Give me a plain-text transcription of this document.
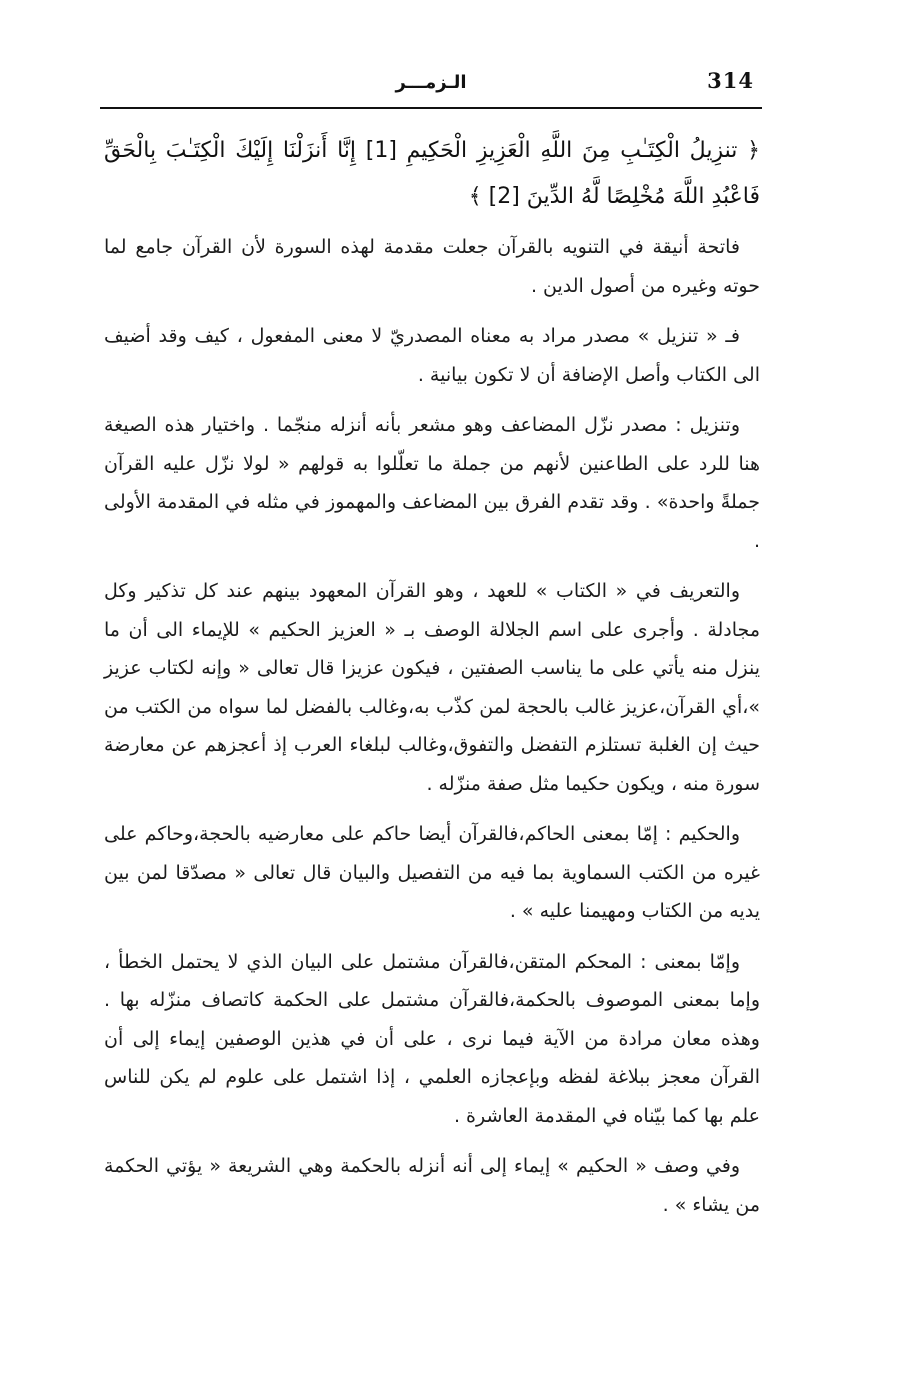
الـزمـــر	314

﴿ تنزِيلُ الْكِتَـٰبِ مِنَ اللَّهِ الْعَزِيزِ الْحَكِيمِ [1] إِنَّا أَنزَلْنَا إِلَيْكَ الْكِتَـٰبَ بِالْحَقِّ فَاعْبُدِ اللَّهَ مُخْلِصًا لَّهُ الدِّينَ [2] ﴾

فاتحة أنيقة في التنويه بالقرآن جعلت مقدمة لهذه السورة لأن القرآن جامع لما حوته وغيره من أصول الدين .

فـ « تنزيل » مصدر مراد به معناه المصدريّ لا معنى المفعول ، كيف وقد أضيف الى الكتاب وأصل الإضافة أن لا تكون بيانية .

وتنزيل : مصدر نزّل المضاعف وهو مشعر بأنه أنزله منجّما . واختيار هذه الصيغة هنا للرد على الطاعنين لأنهم من جملة ما تعلّلوا به قولهم « لولا نزّل عليه القرآن جملةً واحدة» . وقد تقدم الفرق بين المضاعف والمهموز في مثله في المقدمة الأولى .

والتعريف في « الكتاب » للعهد ، وهو القرآن المعهود بينهم عند كل تذكير وكل مجادلة . وأجرى على اسم الجلالة الوصف بـ « العزيز الحكيم » للإيماء الى أن ما ينزل منه يأتي على ما يناسب الصفتين ، فيكون عزيزا قال تعالى « وإنه لكتاب عزيز »،أي القرآن،عزيز غالب بالحجة لمن كذّب به،وغالب بالفضل لما سواه من الكتب من حيث إن الغلبة تستلزم التفضل والتفوق،وغالب لبلغاء العرب إذ أعجزهم عن معارضة سورة منه ، ويكون حكيما مثل صفة منزّله .

والحكيم : إمّا بمعنى الحاكم،فالقرآن أيضا حاكم على معارضيه بالحجة،وحاكم على غيره من الكتب السماوية بما فيه من التفصيل والبيان قال تعالى « مصدّقا لمن بين يديه من الكتاب ومهيمنا عليه » .

وإمّا بمعنى : المحكم المتقن،فالقرآن مشتمل على البيان الذي لا يحتمل الخطأ ، وإما بمعنى الموصوف بالحكمة،فالقرآن مشتمل على الحكمة كاتصاف منزّله بها . وهذه معان مرادة من الآية فيما نرى ، على أن في هذين الوصفين إيماء إلى أن القرآن معجز ببلاغة لفظه وبإعجازه العلمي ، إذا اشتمل على علوم لم يكن للناس علم بها كما بيّناه في المقدمة العاشرة .

وفي وصف « الحكيم » إيماء إلى أنه أنزله بالحكمة وهي الشريعة « يؤتي الحكمة من يشاء » .
